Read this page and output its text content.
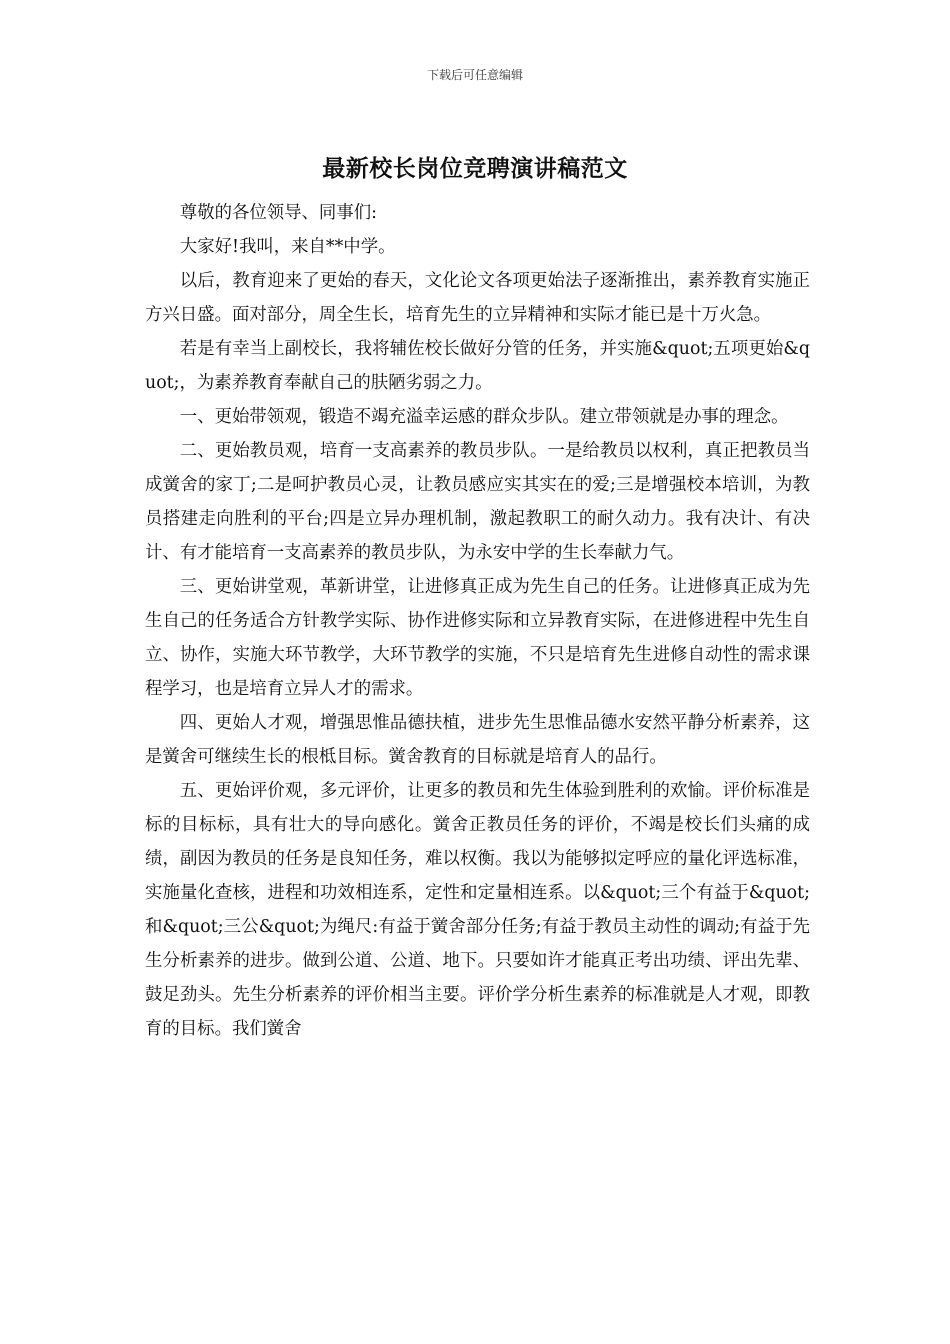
下载后可任意编辑
最新校长岗位竞聘演讲稿范文

尊敬的各位领导、同事们:

大家好!我叫，来自**中学。

以后，教育迎来了更始的春天，文化论文各项更始法子逐渐推出，素养教育实施正方兴日盛。面对部分，周全生长，培育先生的立异精神和实际才能已是十万火急。

若是有幸当上副校长，我将辅佐校长做好分管的任务，并实施&quot;五项更始&quot;，为素养教育奉献自己的肤陋劣弱之力。

一、更始带领观，锻造不竭充溢幸运感的群众步队。建立带领就是办事的理念。

二、更始教员观，培育一支高素养的教员步队。一是给教员以权利，真正把教员当成黉舍的家丁;二是呵护教员心灵，让教员感应实其实在的爱;三是增强校本培训，为教员搭建走向胜利的平台;四是立异办理机制，激起教职工的耐久动力。我有决计、有决计、有才能培育一支高素养的教员步队，为永安中学的生长奉献力气。

三、更始讲堂观，革新讲堂，让进修真正成为先生自己的任务。让进修真正成为先生自己的任务适合方针教学实际、协作进修实际和立异教育实际，在进修进程中先生自立、协作，实施大环节教学，大环节教学的实施，不只是培育先生进修自动性的需求课程学习，也是培育立异人才的需求。

四、更始人才观，增强思惟品德扶植，进步先生思惟品德水安然平静分析素养，这是黉舍可继续生长的根柢目标。黉舍教育的目标就是培育人的品行。

五、更始评价观，多元评价，让更多的教员和先生体验到胜利的欢愉。评价标准是标的目标标，具有壮大的导向感化。黉舍正教员任务的评价，不竭是校长们头痛的成绩，副因为教员的任务是良知任务，难以权衡。我以为能够拟定呼应的量化评选标准，实施量化查核，进程和功效相连系，定性和定量相连系。以&quot;三个有益于&quot; 和&quot;三公&quot;为绳尺:有益于黉舍部分任务;有益于教员主动性的调动;有益于先生分析素养的进步。做到公道、公道、地下。只要如许才能真正考出功绩、评出先辈、鼓足劲头。先生分析素养的评价相当主要。评价学分析生素养的标准就是人才观，即教育的目标。我们黉舍
